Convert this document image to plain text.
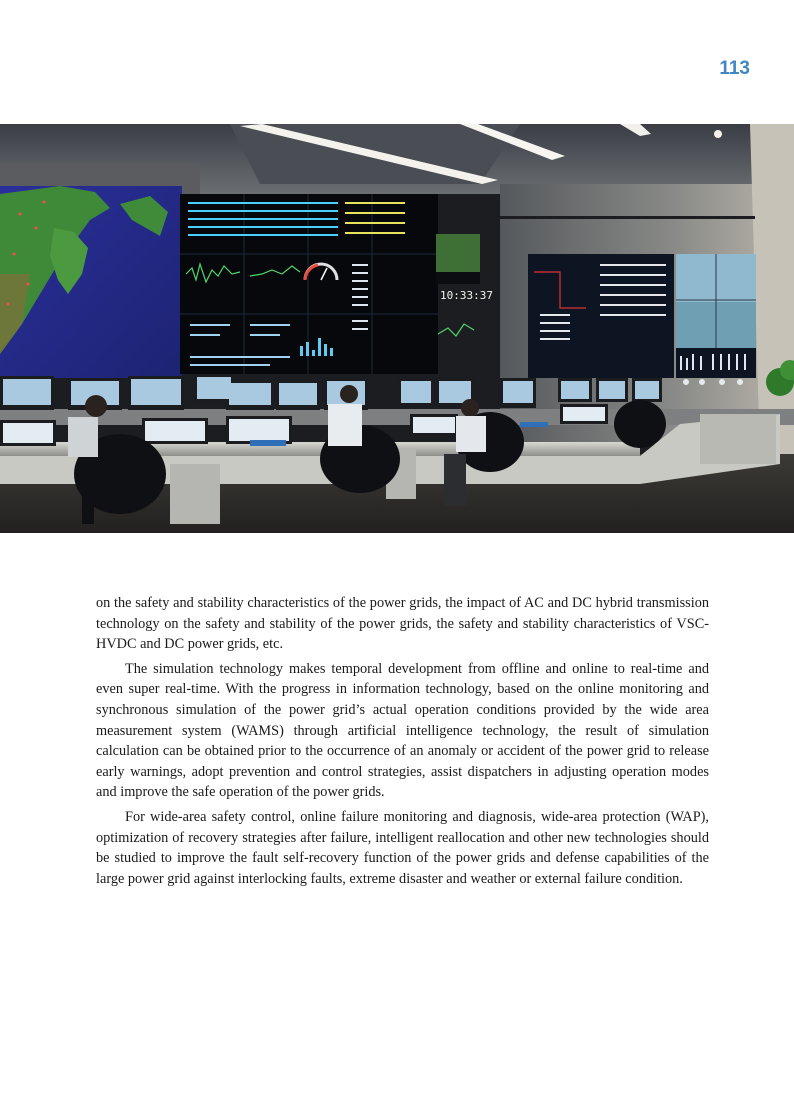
113
10:33:37

on the safety and stability characteristics of the power grids, the impact of AC and DC hybrid transmission technology on the safety and stability of the power grids, the safety and stability characteristics of VSC-HVDC and DC power grids, etc.

The simulation technology makes temporal development from offline and online to real-time and even super real-time. With the progress in information technology, based on the online monitoring and synchronous simulation of the power grid’s actual operation conditions provided by the wide area measurement system (WAMS) through artificial intelligence technology, the result of simulation calculation can be obtained prior to the occurrence of an anomaly or accident of the power grid to release early warnings, adopt prevention and control strategies, assist dispatchers in adjusting operation modes and improve the safe operation of the power grids.

For wide-area safety control, online failure monitoring and diagnosis, wide-area protection (WAP), optimization of recovery strategies after failure, intelligent reallocation and other new technologies should be studied to improve the fault self-recovery function of the power grids and defense capabilities of the large power grid against interlocking faults, extreme disaster and weather or external failure condition.
